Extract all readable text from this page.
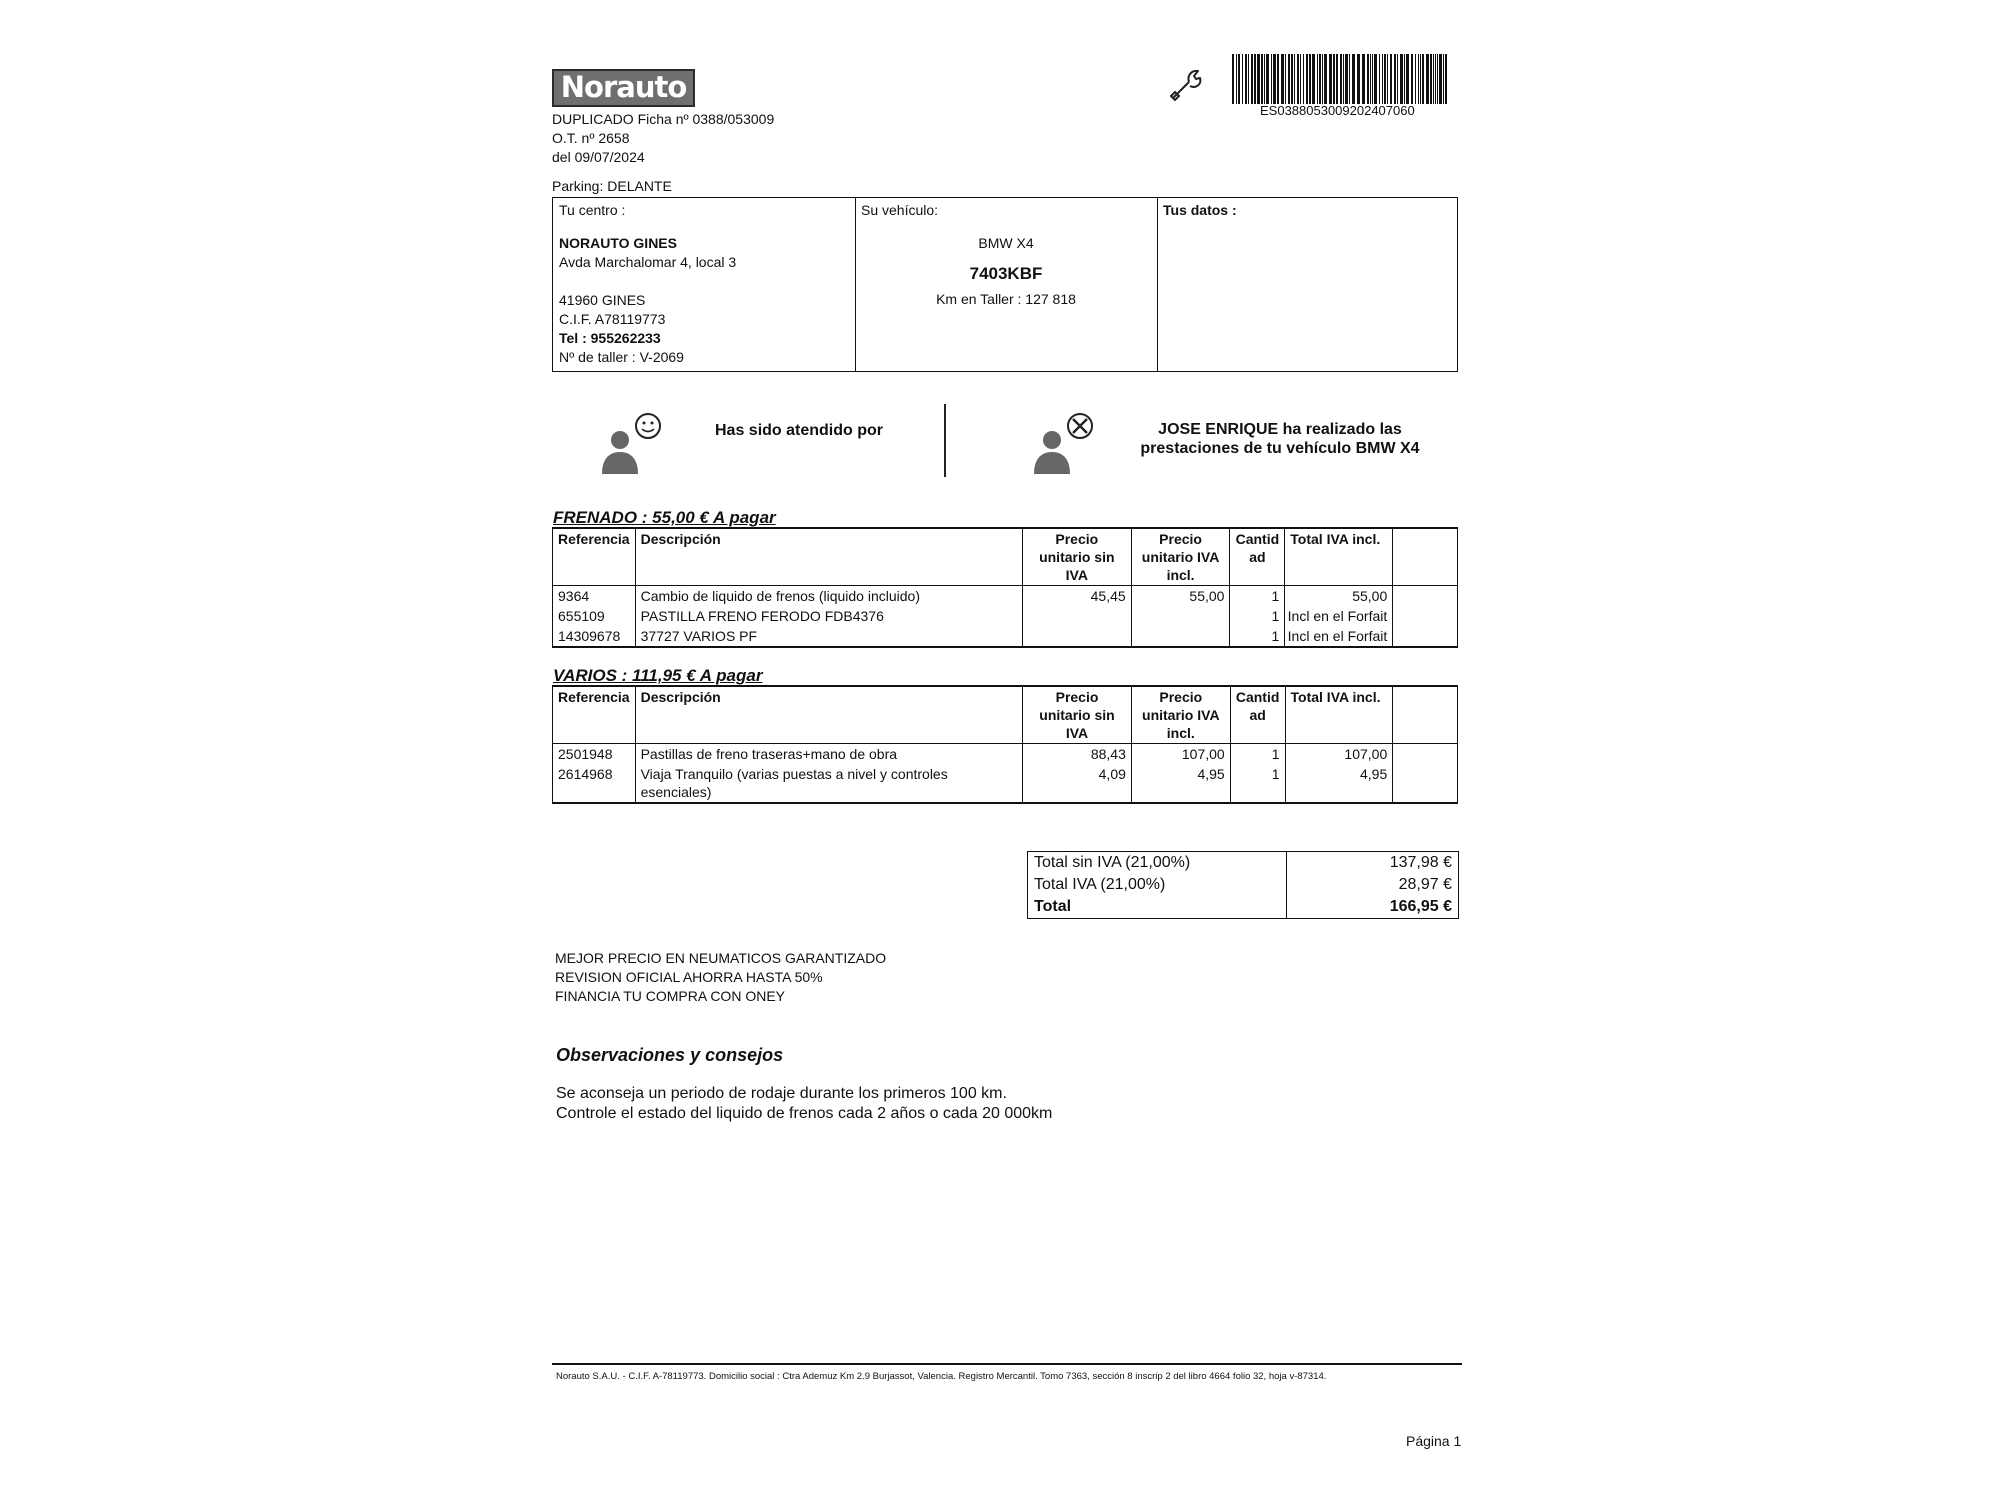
Norauto
DUPLICADO Ficha nº 0388/053009
O.T. nº 2658
del 09/07/2024
Parking: DELANTE
ES0388053009202407060
Tu centro :
NORAUTO GINES
Avda Marchalomar 4, local 3
41960 GINES
C.I.F. A78119773
Tel : 955262233
Nº de taller : V-2069
Su vehículo:
BMW X4
7403KBF
Km en Taller : 127 818
Tus datos :
Has sido atendido por	JOSE ENRIQUE ha realizado las
prestaciones de tu vehículo BMW X4
FRENADO : 55,00 € A pagar
Referencia	Descripción	Precio unitario sin IVA	Precio unitario IVA incl.	Cantidad	Total IVA incl.	
9364	Cambio de liquido de frenos (liquido incluido)	45,45	55,00	1	55,00	
655109	PASTILLA FRENO FERODO FDB4376			1	Incl en el Forfait	
14309678	37727 VARIOS PF			1	Incl en el Forfait	
VARIOS : 111,95 € A pagar
Referencia	Descripción	Precio unitario sin IVA	Precio unitario IVA incl.	Cantidad	Total IVA incl.	
2501948	Pastillas de freno traseras+mano de obra	88,43	107,00	1	107,00	
2614968	Viaja Tranquilo (varias puestas a nivel y controles esenciales)	4,09	4,95	1	4,95	
Total sin IVA (21,00%)	137,98 €
Total IVA (21,00%)	28,97 €
Total	166,95 €
MEJOR PRECIO EN NEUMATICOS GARANTIZADO
REVISION OFICIAL AHORRA HASTA 50%
FINANCIA TU COMPRA CON ONEY
Observaciones y consejos
Se aconseja un periodo de rodaje durante los primeros 100 km.
Controle el estado del liquido de frenos cada 2 años o cada 20 000km
Norauto S.A.U. - C.I.F. A-78119773. Domicilio social : Ctra Ademuz Km 2.9 Burjassot, Valencia. Registro Mercantil. Tomo 7363, sección 8 inscrip 2 del libro 4664 folio 32, hoja v-87314.
Página 1
